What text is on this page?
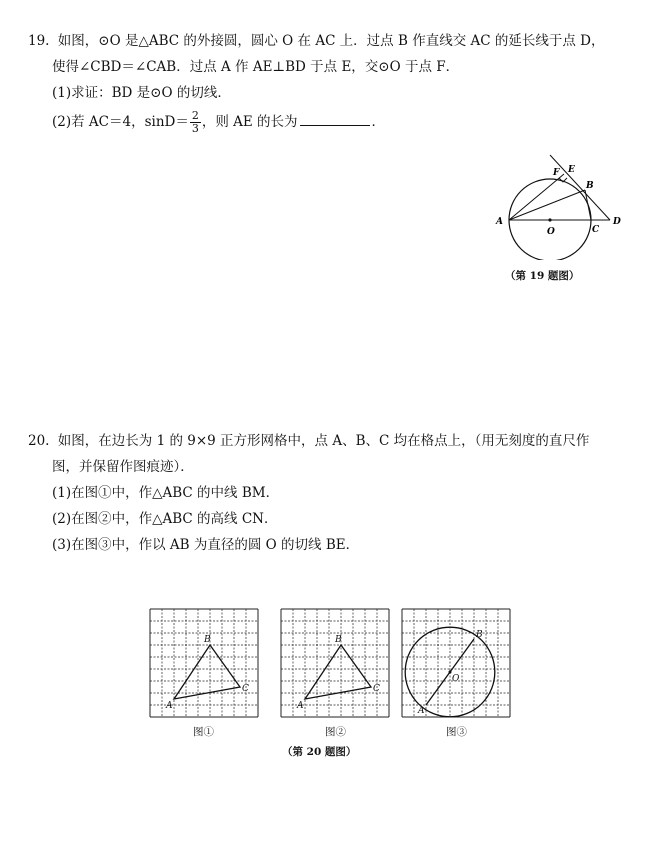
19. 如图，⊙O 是△ABC 的外接圆，圆心 O 在 AC 上．过点 B 作直线交 AC 的延长线于点 D，
使得∠CBD＝∠CAB．过点 A 作 AE⊥BD 于点 E，交⊙O 于点 F．
(1)求证：BD 是⊙O 的切线．
(2)若 AC＝4，$\sin D= \frac{2}{3}$ ，则 AE 的长为	．
A
B
C
D
E
F
O
（第 19 题图）
20. 如图，在边长为 1 的 9×9 正方形网格中，点 A、B、C 均在格点上，（用无刻度的直尺作
图，并保留作图痕迹）．
(1)在图①中，作△ABC 的中线 BM．
(2)在图②中，作△ABC 的高线 CN．
(3)在图③中，作以 AB 为直径的圆 O 的切线 BE．
A
B
C
A
B
C
A
B
O
图①	图②	图③
（第 20 题图）
